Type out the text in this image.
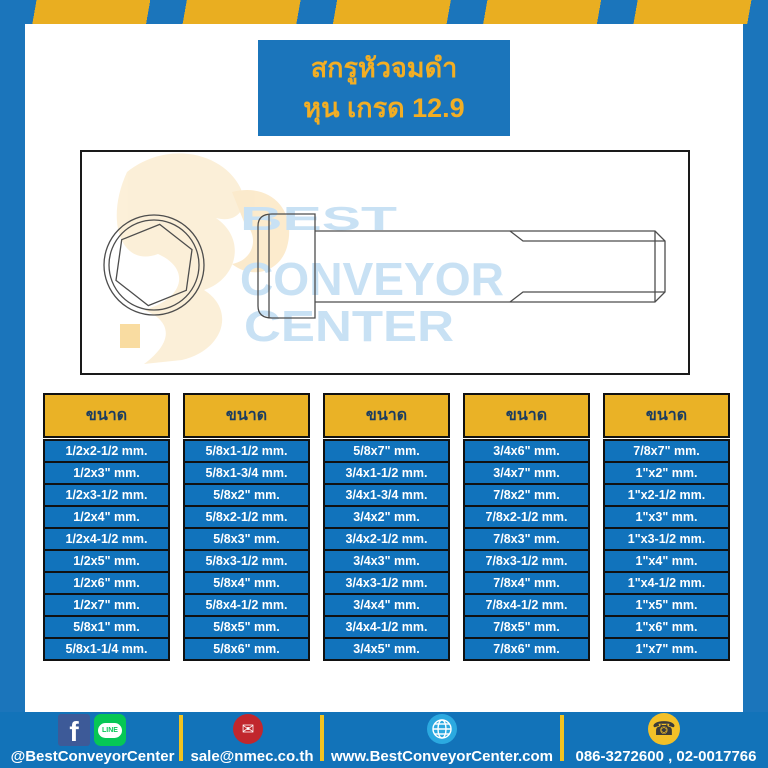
สกรูหัวจมดำ
หุน เกรด 12.9
BEST
CONVEYOR
CENTER
ขนาด
1/2x2-1/2 mm.
1/2x3" mm.
1/2x3-1/2 mm.
1/2x4" mm.
1/2x4-1/2 mm.
1/2x5" mm.
1/2x6" mm.
1/2x7" mm.
5/8x1" mm.
5/8x1-1/4 mm.
ขนาด
5/8x1-1/2 mm.
5/8x1-3/4 mm.
5/8x2" mm.
5/8x2-1/2 mm.
5/8x3" mm.
5/8x3-1/2 mm.
5/8x4" mm.
5/8x4-1/2 mm.
5/8x5" mm.
5/8x6" mm.
ขนาด
5/8x7" mm.
3/4x1-1/2 mm.
3/4x1-3/4 mm.
3/4x2" mm.
3/4x2-1/2 mm.
3/4x3" mm.
3/4x3-1/2 mm.
3/4x4" mm.
3/4x4-1/2 mm.
3/4x5" mm.
ขนาด
3/4x6" mm.
3/4x7" mm.
7/8x2" mm.
7/8x2-1/2 mm.
7/8x3" mm.
7/8x3-1/2 mm.
7/8x4" mm.
7/8x4-1/2 mm.
7/8x5" mm.
7/8x6" mm.
ขนาด
7/8x7" mm.
1"x2" mm.
1"x2-1/2 mm.
1"x3" mm.
1"x3-1/2 mm.
1"x4" mm.
1"x4-1/2 mm.
1"x5" mm.
1"x6" mm.
1"x7" mm.
f	LINE
@BestConveyorCenter
✉
sale@nmec.co.th	www.BestConveyorCenter.com
☎
086-3272600 , 02-0017766
